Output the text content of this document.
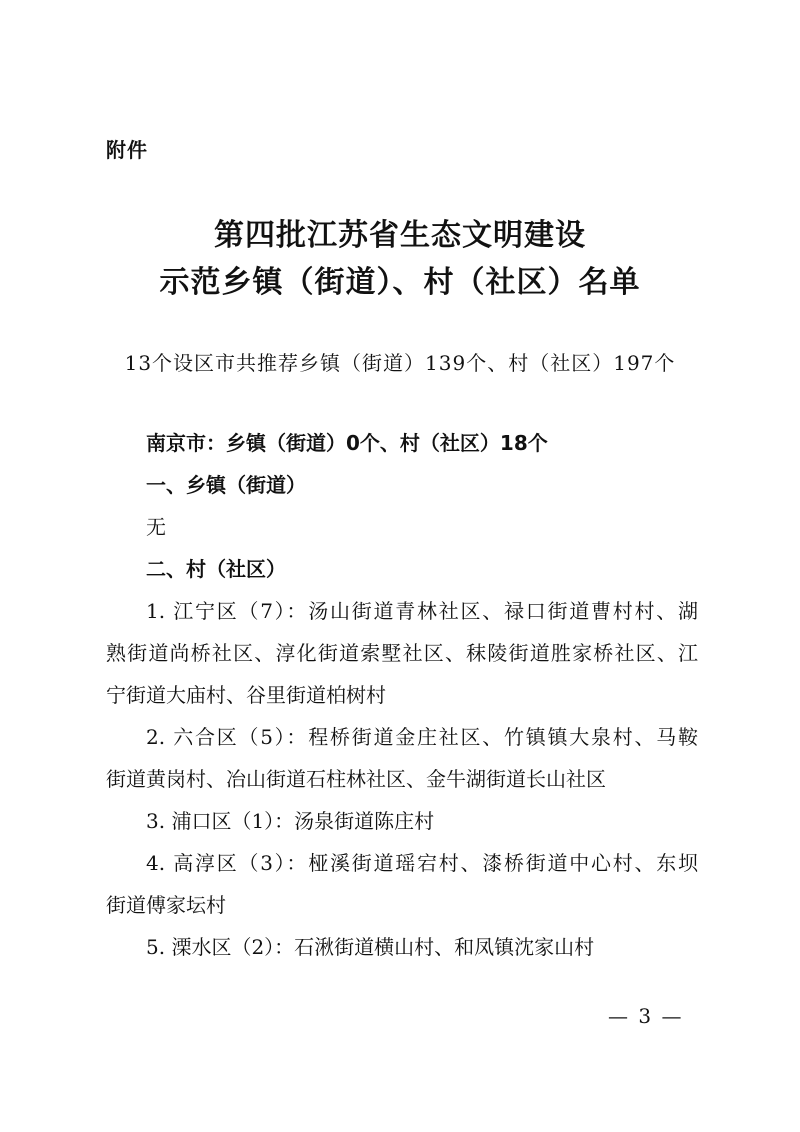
附件
第四批江苏省生态文明建设
示范乡镇（街道）、村（社区）名单
13个设区市共推荐乡镇（街道）139个、村（社区）197个
南京市：乡镇（街道）0个、村（社区）18个
一、乡镇（街道）
无
二、村（社区）
1. 江宁区（7）：汤山街道青林社区、禄口街道曹村村、湖
熟街道尚桥社区、淳化街道索墅社区、秣陵街道胜家桥社区、江
宁街道大庙村、谷里街道柏树村
2. 六合区（5）：程桥街道金庄社区、竹镇镇大泉村、马鞍
街道黄岗村、冶山街道石柱林社区、金牛湖街道长山社区
3. 浦口区（1）：汤泉街道陈庄村
4. 高淳区（3）：桠溪街道瑶宕村、漆桥街道中心村、东坝
街道傅家坛村
5. 溧水区（2）：石湫街道横山村、和凤镇沈家山村
— 3 —
